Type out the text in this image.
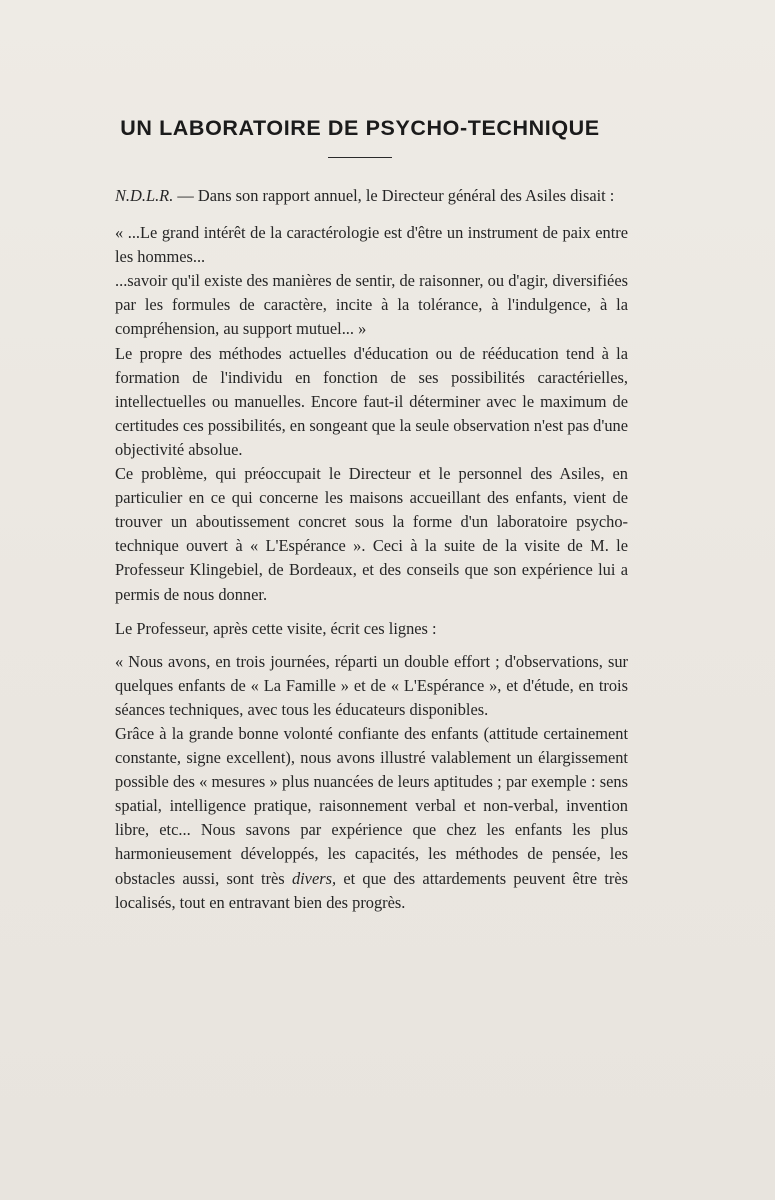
UN LABORATOIRE DE PSYCHO-TECHNIQUE

N.D.L.R. — Dans son rapport annuel, le Directeur général des Asiles disait :

« ...Le grand intérêt de la caractérologie est d'être un instrument de paix entre les hommes...

...savoir qu'il existe des manières de sentir, de raisonner, ou d'agir, diversifiées par les formules de caractère, incite à la tolérance, à l'indulgence, à la compréhension, au support mutuel... »

Le propre des méthodes actuelles d'éducation ou de rééducation tend à la formation de l'individu en fonction de ses possibilités caractérielles, intellectuelles ou manuelles. Encore faut-il déterminer avec le maximum de certitudes ces possibilités, en songeant que la seule observation n'est pas d'une objectivité absolue.

Ce problème, qui préoccupait le Directeur et le personnel des Asiles, en particulier en ce qui concerne les maisons accueillant des enfants, vient de trouver un aboutissement concret sous la forme d'un laboratoire psycho-technique ouvert à « L'Espérance ». Ceci à la suite de la visite de M. le Professeur Klingebiel, de Bordeaux, et des conseils que son expérience lui a permis de nous donner.

Le Professeur, après cette visite, écrit ces lignes :

« Nous avons, en trois journées, réparti un double effort ; d'observations, sur quelques enfants de « La Famille » et de « L'Espérance », et d'étude, en trois séances techniques, avec tous les éducateurs disponibles.

Grâce à la grande bonne volonté confiante des enfants (attitude certainement constante, signe excellent), nous avons illustré valablement un élargissement possible des « mesures » plus nuancées de leurs aptitudes ; par exemple : sens spatial, intelligence pratique, raisonnement verbal et non-verbal, invention libre, etc... Nous savons par expérience que chez les enfants les plus harmonieusement développés, les capacités, les méthodes de pensée, les obstacles aussi, sont très divers, et que des attardements peuvent être très localisés, tout en entravant bien des progrès.
